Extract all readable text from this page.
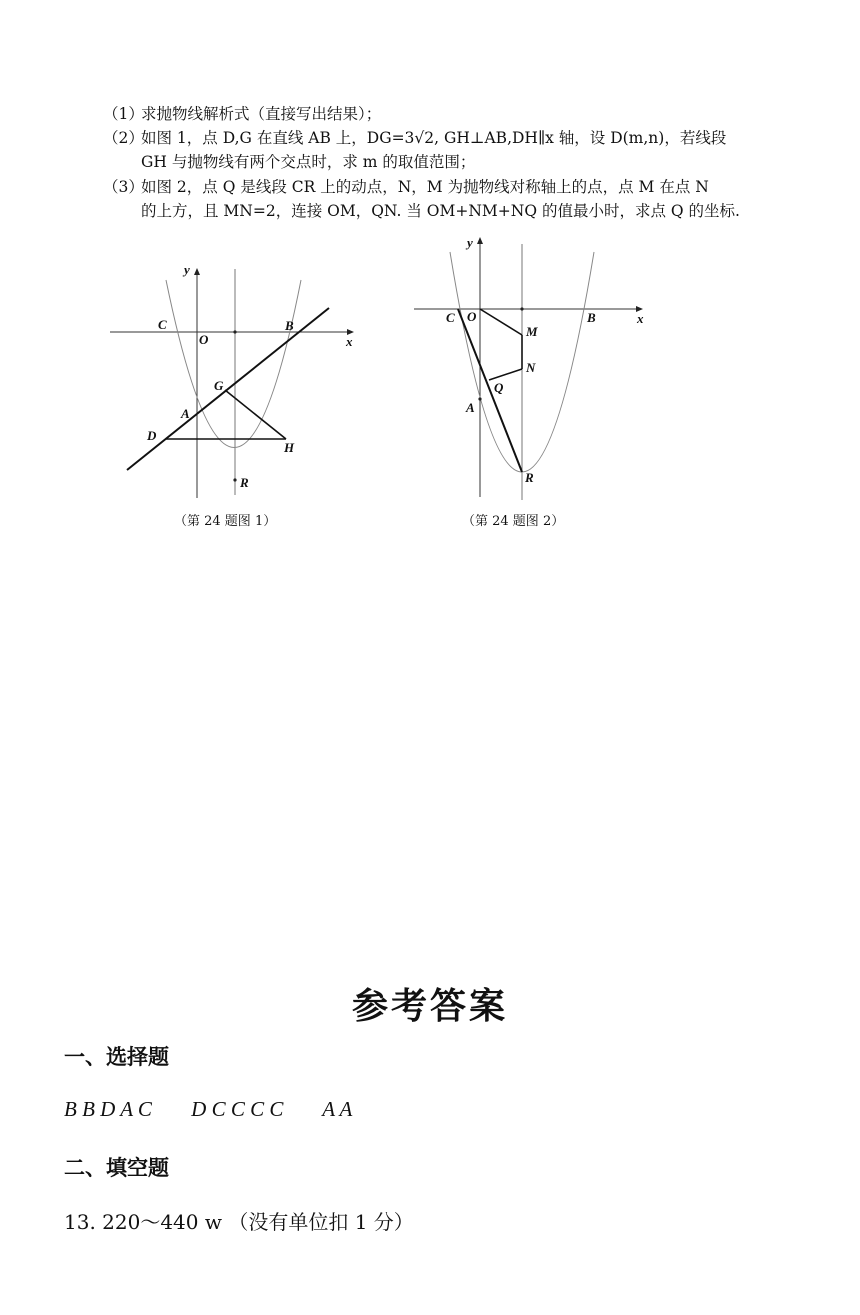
（1）求抛物线解析式（直接写出结果）；
（2）
如图 1，点 D,G 在直线 AB 上，DG=3√2, GH⊥AB,DH∥x 轴，设 D(m,n)，若线段
GH 与抛物线有两个交点时，求 m 的取值范围；
（3）
如图 2，点 Q 是线段 CR 上的动点，N，M 为抛物线对称轴上的点，点 M 在点 N
的上方，且 MN=2，连接 OM，QN. 当 OM+NM+NQ 的值最小时，求点 Q 的坐标.
y
x
C
O
B
G
A
D
H
R
（第 24 题图 1）
y
x
C O	B
M
N
Q
A
R
（第 24 题图 2）
参考答案
一、选择题
B B D A C D C C C C A A
二、填空题
13. 220～440 w （没有单位扣 1 分）
